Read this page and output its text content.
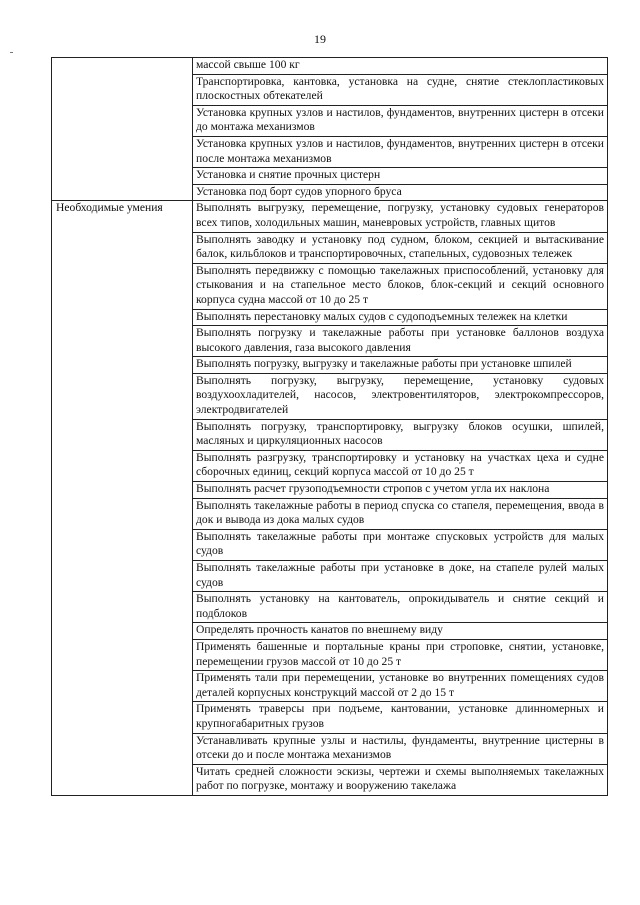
19
	массой свыше 100 кг
	Транспортировка, кантовка, установка на судне, снятие стеклопластиковых плоскостных обтекателей
	Установка крупных узлов и настилов, фундаментов, внутренних цистерн в отсеки до монтажа механизмов
	Установка крупных узлов и настилов, фундаментов, внутренних цистерн в отсеки после монтажа механизмов
	Установка и снятие прочных цистерн
	Установка под борт судов упорного бруса
Необходимые умения	Выполнять выгрузку, перемещение, погрузку, установку судовых генераторов всех типов, холодильных машин, маневровых устройств, главных щитов
	Выполнять заводку и установку под судном, блоком, секцией и вытаскивание балок, кильблоков и транспортировочных, стапельных, судовозных тележек
	Выполнять передвижку с помощью такелажных приспособлений, установку для стыкования и на стапельное место блоков, блок-секций и секций основного корпуса судна массой от 10 до 25 т
	Выполнять перестановку малых судов с судоподъемных тележек на клетки
	Выполнять погрузку и такелажные работы при установке баллонов воздуха высокого давления, газа высокого давления
	Выполнять погрузку, выгрузку и такелажные работы при установке шпилей
	Выполнять погрузку, выгрузку, перемещение, установку судовых воздухоохладителей, насосов, электровентиляторов, электрокомпрессоров, электродвигателей
	Выполнять погрузку, транспортировку, выгрузку блоков осушки, шпилей, масляных и циркуляционных насосов
	Выполнять разгрузку, транспортировку и установку на участках цеха и судне сборочных единиц, секций корпуса массой от 10 до 25 т
	Выполнять расчет грузоподъемности стропов с учетом угла их наклона
	Выполнять такелажные работы в период спуска со стапеля, перемещения, ввода в док и вывода из дока малых судов
	Выполнять такелажные работы при монтаже спусковых устройств для малых судов
	Выполнять такелажные работы при установке в доке, на стапеле рулей малых судов
	Выполнять установку на кантователь, опрокидыватель и снятие секций и подблоков
	Определять прочность канатов по внешнему виду
	Применять башенные и портальные краны при строповке, снятии, установке, перемещении грузов массой от 10 до 25 т
	Применять тали при перемещении, установке во внутренних помещениях судов деталей корпусных конструкций массой от 2 до 15 т
	Применять траверсы при подъеме, кантовании, установке длинномерных и крупногабаритных грузов
	Устанавливать крупные узлы и настилы, фундаменты, внутренние цистерны в отсеки до и после монтажа механизмов
	Читать средней сложности эскизы, чертежи и схемы выполняемых такелажных работ по погрузке, монтажу и вооружению такелажа
